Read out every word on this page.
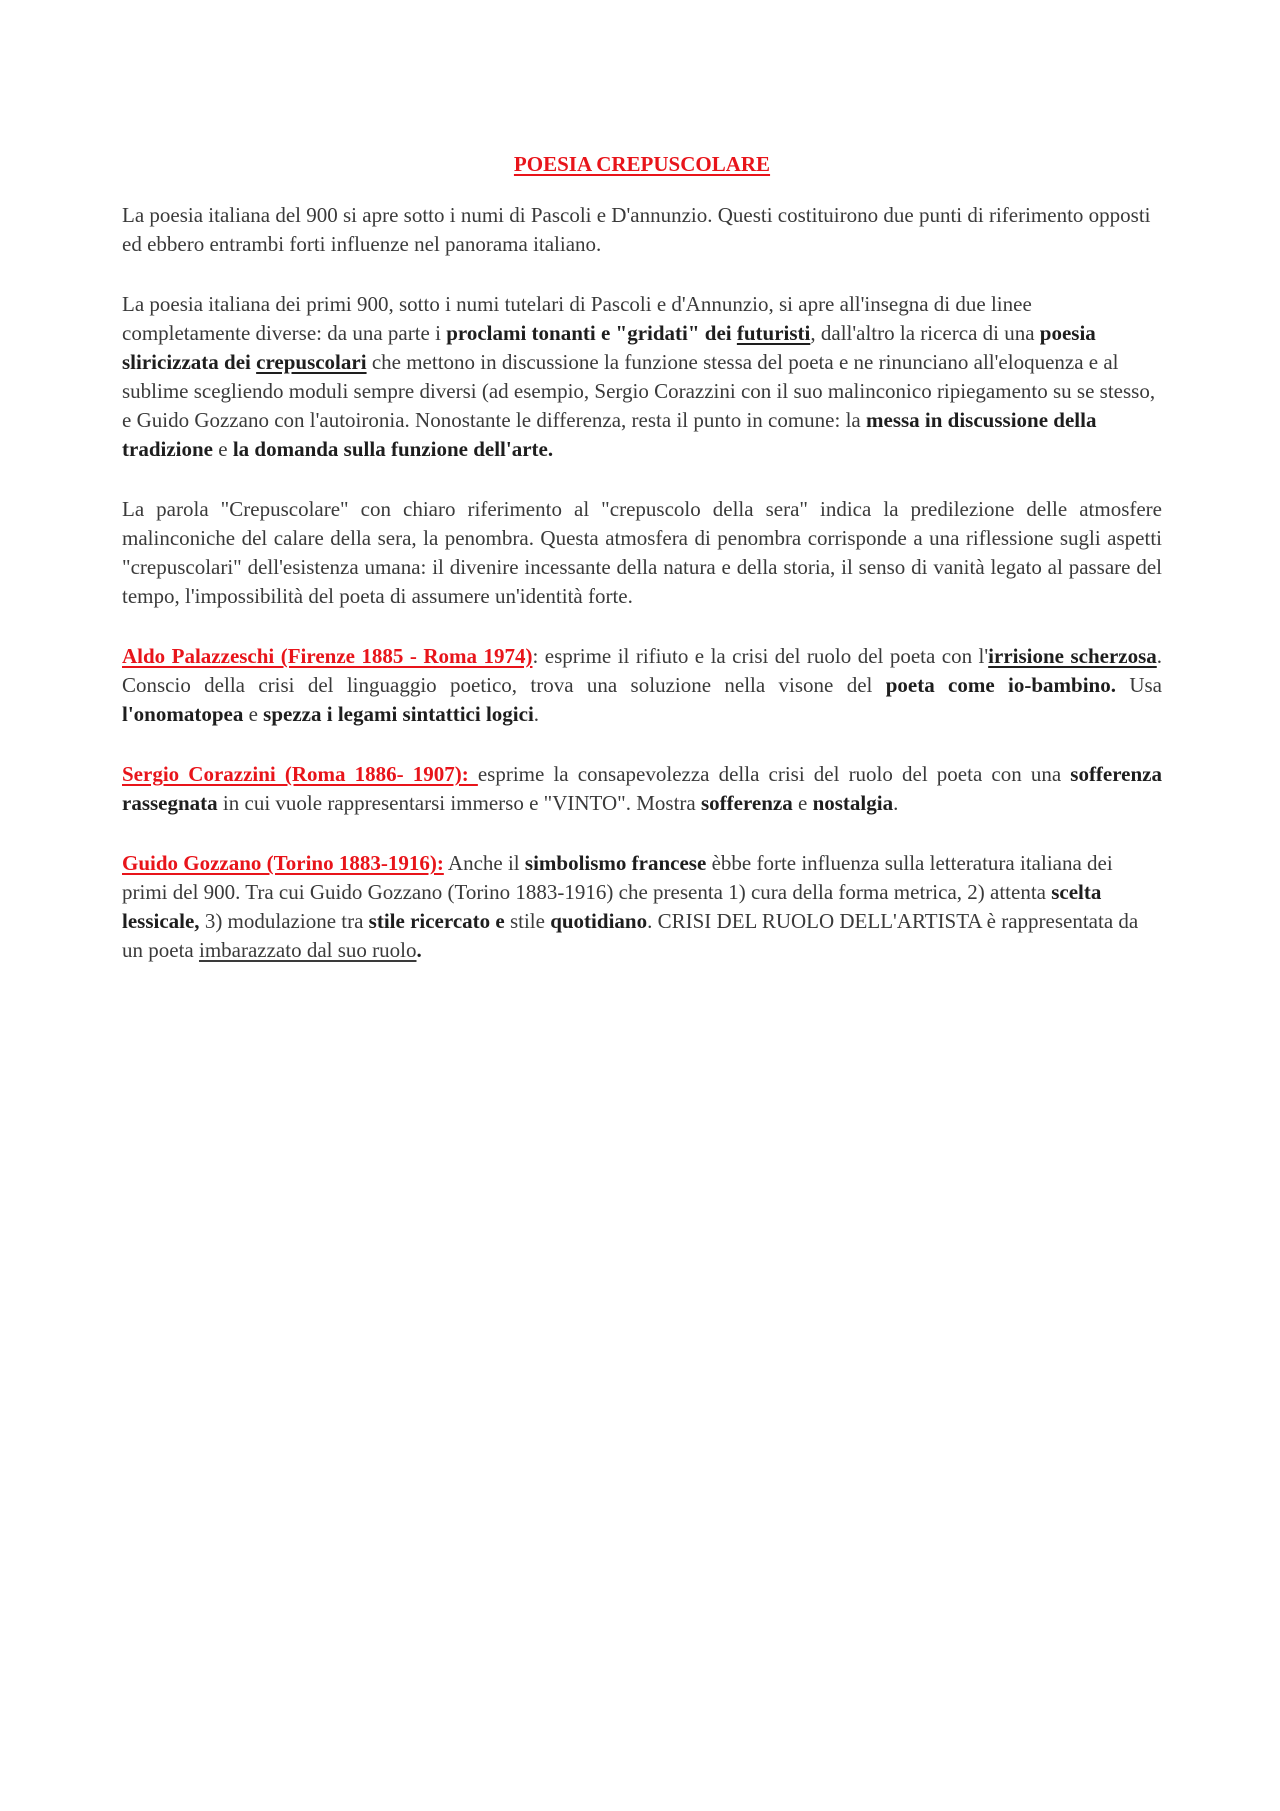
POESIA CREPUSCOLARE

La poesia italiana del 900 si apre sotto i numi di Pascoli e D'annunzio. Questi costituirono due punti di riferimento opposti ed ebbero entrambi forti influenze nel panorama italiano.

La poesia italiana dei primi 900, sotto i numi tutelari di Pascoli e d'Annunzio, si apre all'insegna di due linee completamente diverse: da una parte i proclami tonanti e "gridati" dei futuristi, dall'altro la ricerca di una poesia sliricizzata dei crepuscolari che mettono in discussione la funzione stessa del poeta e ne rinunciano all'eloquenza e al sublime scegliendo moduli sempre diversi (ad esempio, Sergio Corazzini con il suo malinconico ripiegamento su se stesso, e Guido Gozzano con l'autoironia. Nonostante le differenza, resta il punto in comune: la messa in discussione della tradizione e la domanda sulla funzione dell'arte.

La parola "Crepuscolare" con chiaro riferimento al "crepuscolo della sera" indica la predilezione delle atmosfere malinconiche del calare della sera, la penombra. Questa atmosfera di penombra corrisponde a una riflessione sugli aspetti "crepuscolari" dell'esistenza umana: il divenire incessante della natura e della storia, il senso di vanità legato al passare del tempo, l'impossibilità del poeta di assumere un'identità forte.

Aldo Palazzeschi (Firenze 1885 - Roma 1974): esprime il rifiuto e la crisi del ruolo del poeta con l'irrisione scherzosa. Conscio della crisi del linguaggio poetico, trova una soluzione nella visone del poeta come io-bambino. Usa l'onomatopea e spezza i legami sintattici logici.

Sergio Corazzini (Roma 1886- 1907): esprime la consapevolezza della crisi del ruolo del poeta con una sofferenza rassegnata in cui vuole rappresentarsi immerso e "VINTO". Mostra sofferenza e nostalgia.

Guido Gozzano (Torino 1883-1916): Anche il simbolismo francese èbbe forte influenza sulla letteratura italiana dei primi del 900. Tra cui Guido Gozzano (Torino 1883-1916) che presenta 1) cura della forma metrica, 2) attenta scelta lessicale, 3) modulazione tra stile ricercato e stile quotidiano. CRISI DEL RUOLO DELL'ARTISTA è rappresentata da un poeta imbarazzato dal suo ruolo.
